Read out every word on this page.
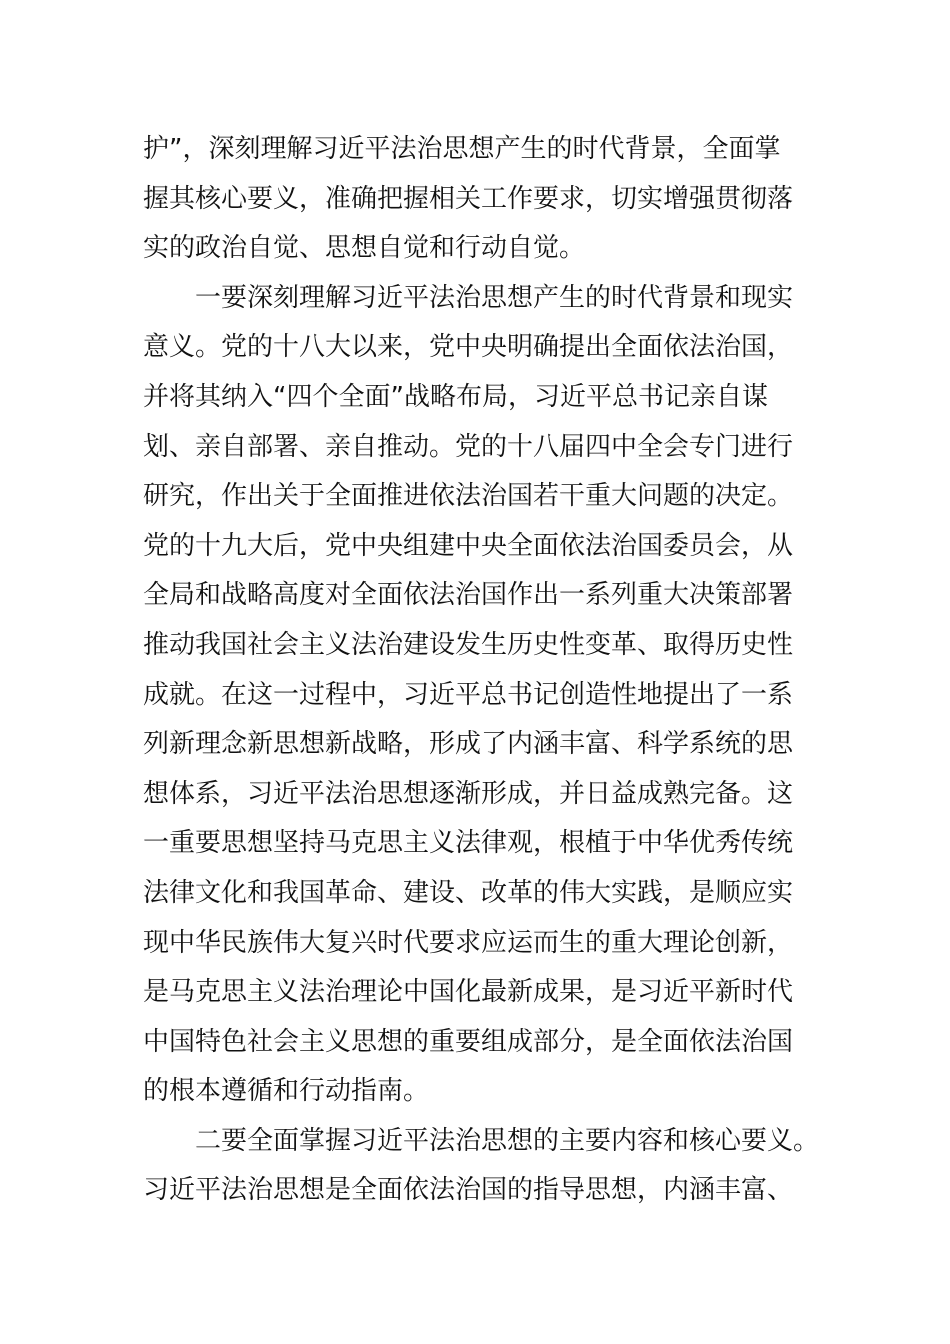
护”，深刻理解习近平法治思想产生的时代背景，全面掌
握其核心要义，准确把握相关工作要求，切实增强贯彻落
实的政治自觉、思想自觉和行动自觉。
一要深刻理解习近平法治思想产生的时代背景和现实
意义。党的十八大以来，党中央明确提出全面依法治国，
并将其纳入“四个全面”战略布局，习近平总书记亲自谋
划、亲自部署、亲自推动。党的十八届四中全会专门进行
研究，作出关于全面推进依法治国若干重大问题的决定。
党的十九大后，党中央组建中央全面依法治国委员会，从
全局和战略高度对全面依法治国作出一系列重大决策部署
推动我国社会主义法治建设发生历史性变革、取得历史性
成就。在这一过程中，习近平总书记创造性地提出了一系
列新理念新思想新战略，形成了内涵丰富、科学系统的思
想体系，习近平法治思想逐渐形成，并日益成熟完备。这
一重要思想坚持马克思主义法律观，根植于中华优秀传统
法律文化和我国革命、建设、改革的伟大实践，是顺应实
现中华民族伟大复兴时代要求应运而生的重大理论创新，
是马克思主义法治理论中国化最新成果，是习近平新时代
中国特色社会主义思想的重要组成部分，是全面依法治国
的根本遵循和行动指南。
二要全面掌握习近平法治思想的主要内容和核心要义。
习近平法治思想是全面依法治国的指导思想，内涵丰富、
